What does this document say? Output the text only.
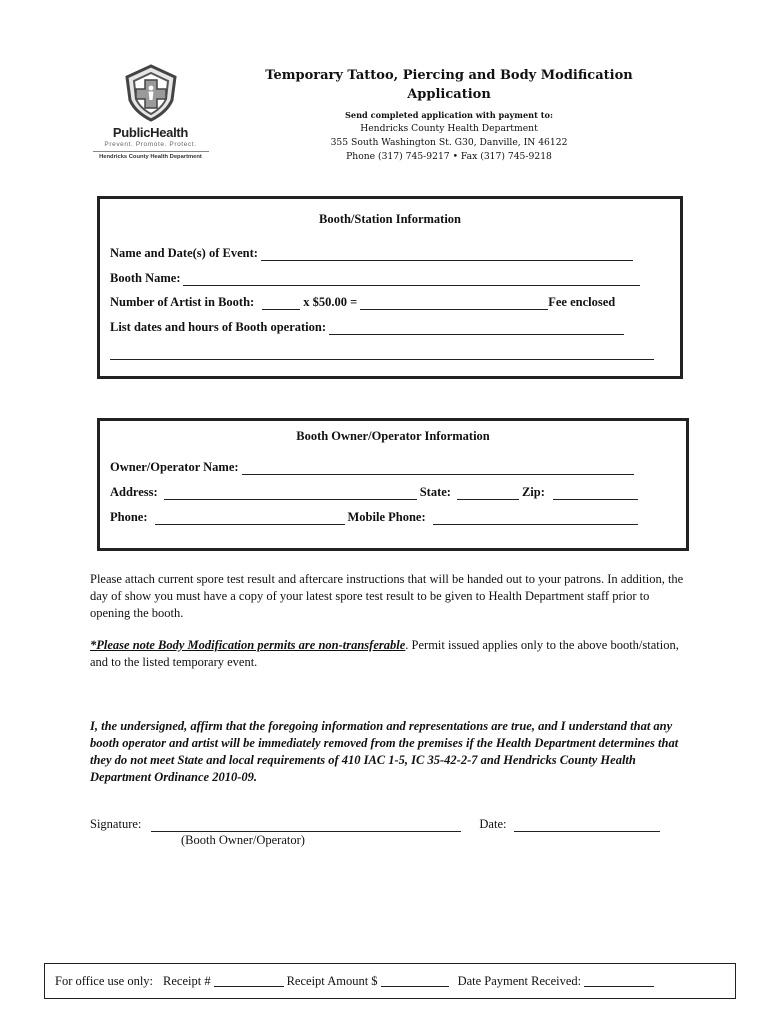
PublicHealth
Prevent. Promote. Protect.
Hendricks County Health Department
Temporary Tattoo, Piercing and Body Modification
Application
Send completed application with payment to:
Hendricks County Health Department
355 South Washington St. G30, Danville, IN 46122
Phone (317) 745-9217 • Fax (317) 745-9218
Booth/Station Information
Name and Date(s) of Event:
Booth Name:
Number of Artist in Booth:	x $50.00 =	Fee enclosed
List dates and hours of Booth operation:
Booth Owner/Operator Information
Owner/Operator Name:
Address:	State:	Zip:
Phone:	Mobile Phone:
Please attach current spore test result and aftercare instructions that will be handed out to your patrons. In addition, the day of show you must have a copy of your latest spore test result to be given to Health Department staff prior to opening the booth.
*Please note Body Modification permits are non-transferable. Permit issued applies only to the above booth/station, and to the listed temporary event.
I, the undersigned, affirm that the foregoing information and representations are true, and I understand that any booth operator and artist will be immediately removed from the premises if the Health Department determines that they do not meet State and local requirements of 410 IAC 1-5, IC 35-42-2-7 and Hendricks County Health Department Ordinance 2010-09.
Signature:	Date:
(Booth Owner/Operator)
For office use only: Receipt #	Receipt Amount $	Date Payment Received:
